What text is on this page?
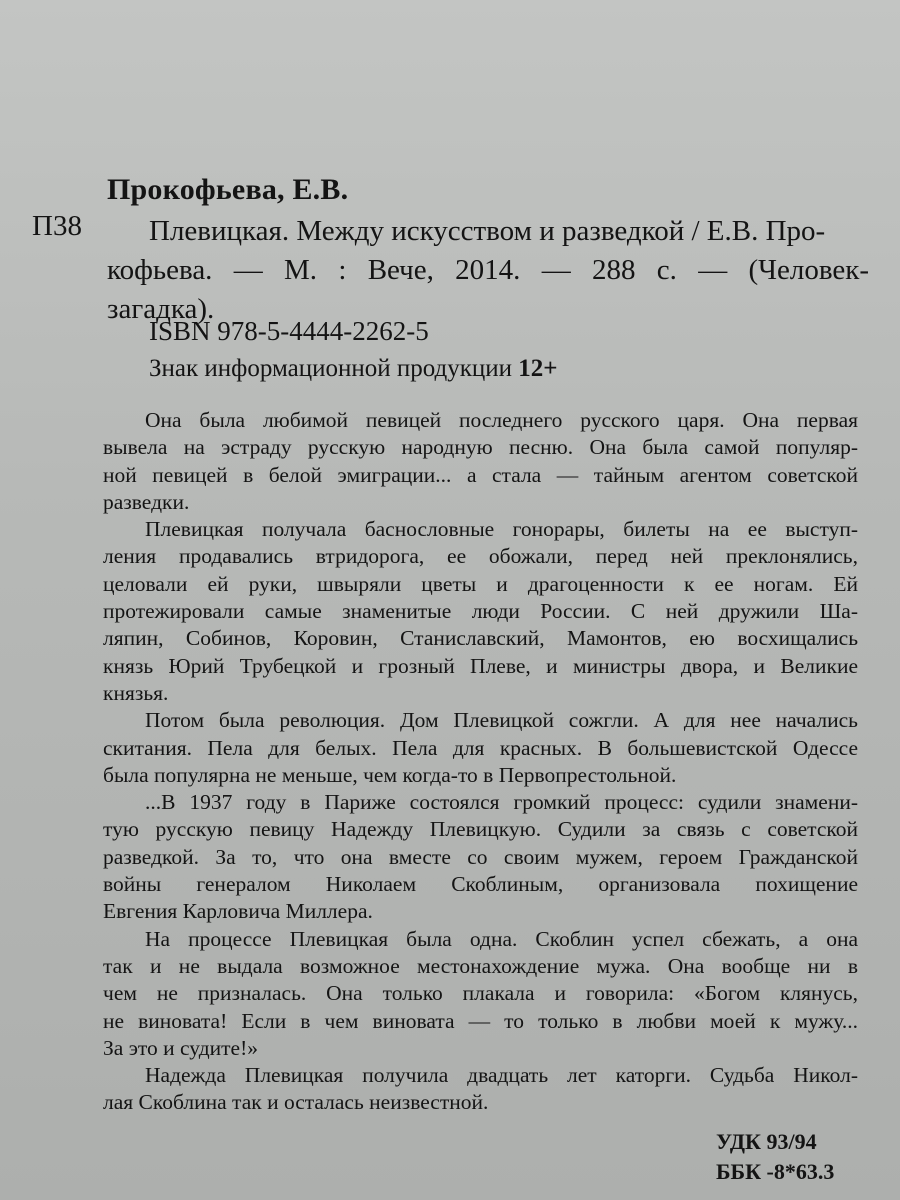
Прокофьева, Е.В.
П38	Плевицкая. Между искусством и разведкой / Е.В. Про-
кофьева. — М. : Вече, 2014. — 288 с. — (Человек-
загадка).
ISBN 978-5-4444-2262-5
Знак информационной продукции 12+
Она была любимой певицей последнего русского царя. Она первая
вывела на эстраду русскую народную песню. Она была самой популяр-
ной певицей в белой эмиграции... а стала — тайным агентом советской
разведки.
Плевицкая получала баснословные гонорары, билеты на ее выступ-
ления продавались втридорога, ее обожали, перед ней преклонялись,
целовали ей руки, швыряли цветы и драгоценности к ее ногам. Ей
протежировали самые знаменитые люди России. С ней дружили Ша-
ляпин, Собинов, Коровин, Станиславский, Мамонтов, ею восхищались
князь Юрий Трубецкой и грозный Плеве, и министры двора, и Великие
князья.
Потом была революция. Дом Плевицкой сожгли. А для нее начались
скитания. Пела для белых. Пела для красных. В большевистской Одессе
была популярна не меньше, чем когда-то в Первопрестольной.
...В 1937 году в Париже состоялся громкий процесс: судили знамени-
тую русскую певицу Надежду Плевицкую. Судили за связь с советской
разведкой. За то, что она вместе со своим мужем, героем Гражданской
войны генералом Николаем Скоблиным, организовала похищение
Евгения Карловича Миллера.
На процессе Плевицкая была одна. Скоблин успел сбежать, а она
так и не выдала возможное местонахождение мужа. Она вообще ни в
чем не призналась. Она только плакала и говорила: «Богом клянусь,
не виновата! Если в чем виновата — то только в любви моей к мужу...
За это и судите!»
Надежда Плевицкая получила двадцать лет каторги. Судьба Никол-
лая Скоблина так и осталась неизвестной.
УДК 93/94
ББК -8*63.3
